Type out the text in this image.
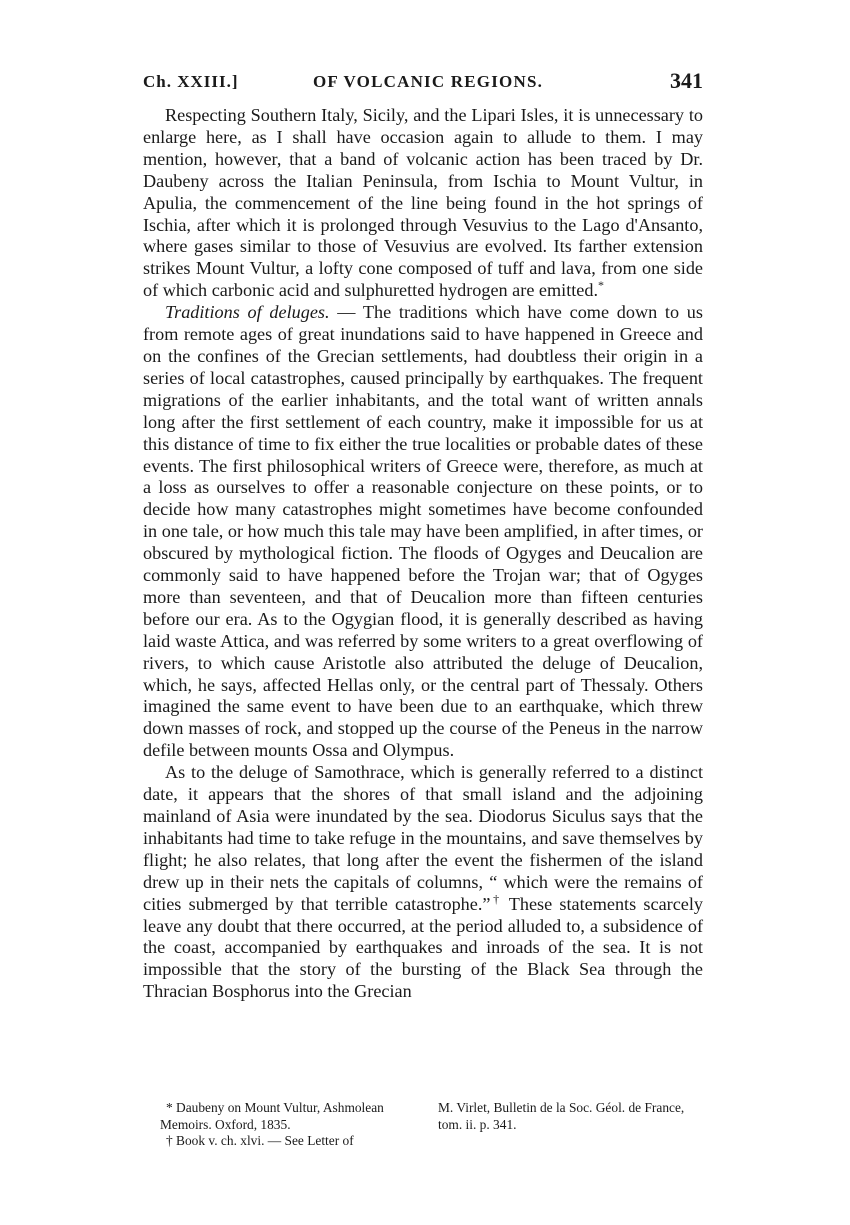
Ch. XXIII.]	OF VOLCANIC REGIONS.	341

Respecting Southern Italy, Sicily, and the Lipari Isles, it is unnecessary to enlarge here, as I shall have occasion again to allude to them. I may mention, however, that a band of volcanic action has been traced by Dr. Daubeny across the Italian Peninsula, from Ischia to Mount Vultur, in Apulia, the commencement of the line being found in the hot springs of Ischia, after which it is prolonged through Vesuvius to the Lago d'Ansanto, where gases similar to those of Vesuvius are evolved. Its farther extension strikes Mount Vultur, a lofty cone composed of tuff and lava, from one side of which carbonic acid and sulphuretted hydrogen are emitted.*

Traditions of deluges. — The traditions which have come down to us from remote ages of great inundations said to have happened in Greece and on the confines of the Grecian settlements, had doubtless their origin in a series of local catastrophes, caused principally by earthquakes. The frequent migrations of the earlier inhabitants, and the total want of written annals long after the first settlement of each country, make it impossible for us at this distance of time to fix either the true localities or probable dates of these events. The first philosophical writers of Greece were, therefore, as much at a loss as ourselves to offer a reasonable conjecture on these points, or to decide how many catastrophes might sometimes have become confounded in one tale, or how much this tale may have been amplified, in after times, or obscured by mythological fiction. The floods of Ogyges and Deucalion are commonly said to have happened before the Trojan war; that of Ogyges more than seventeen, and that of Deucalion more than fifteen centuries before our era. As to the Ogygian flood, it is generally described as having laid waste Attica, and was referred by some writers to a great overflowing of rivers, to which cause Aristotle also attributed the deluge of Deucalion, which, he says, affected Hellas only, or the central part of Thessaly. Others imagined the same event to have been due to an earthquake, which threw down masses of rock, and stopped up the course of the Peneus in the narrow defile between mounts Ossa and Olympus.

As to the deluge of Samothrace, which is generally referred to a distinct date, it appears that the shores of that small island and the adjoining mainland of Asia were inundated by the sea. Diodorus Siculus says that the inhabitants had time to take refuge in the mountains, and save themselves by flight; he also relates, that long after the event the fishermen of the island drew up in their nets the capitals of columns, “ which were the remains of cities submerged by that terrible catastrophe.”† These statements scarcely leave any doubt that there occurred, at the period alluded to, a subsidence of the coast, accompanied by earthquakes and inroads of the sea. It is not impossible that the story of the bursting of the Black Sea through the Thracian Bosphorus into the Grecian

* Daubeny on Mount Vultur, Ashmolean Memoirs. Oxford, 1835.
† Book v. ch. xlvi. — See Letter of
M. Virlet, Bulletin de la Soc. Géol. de France, tom. ii. p. 341.
